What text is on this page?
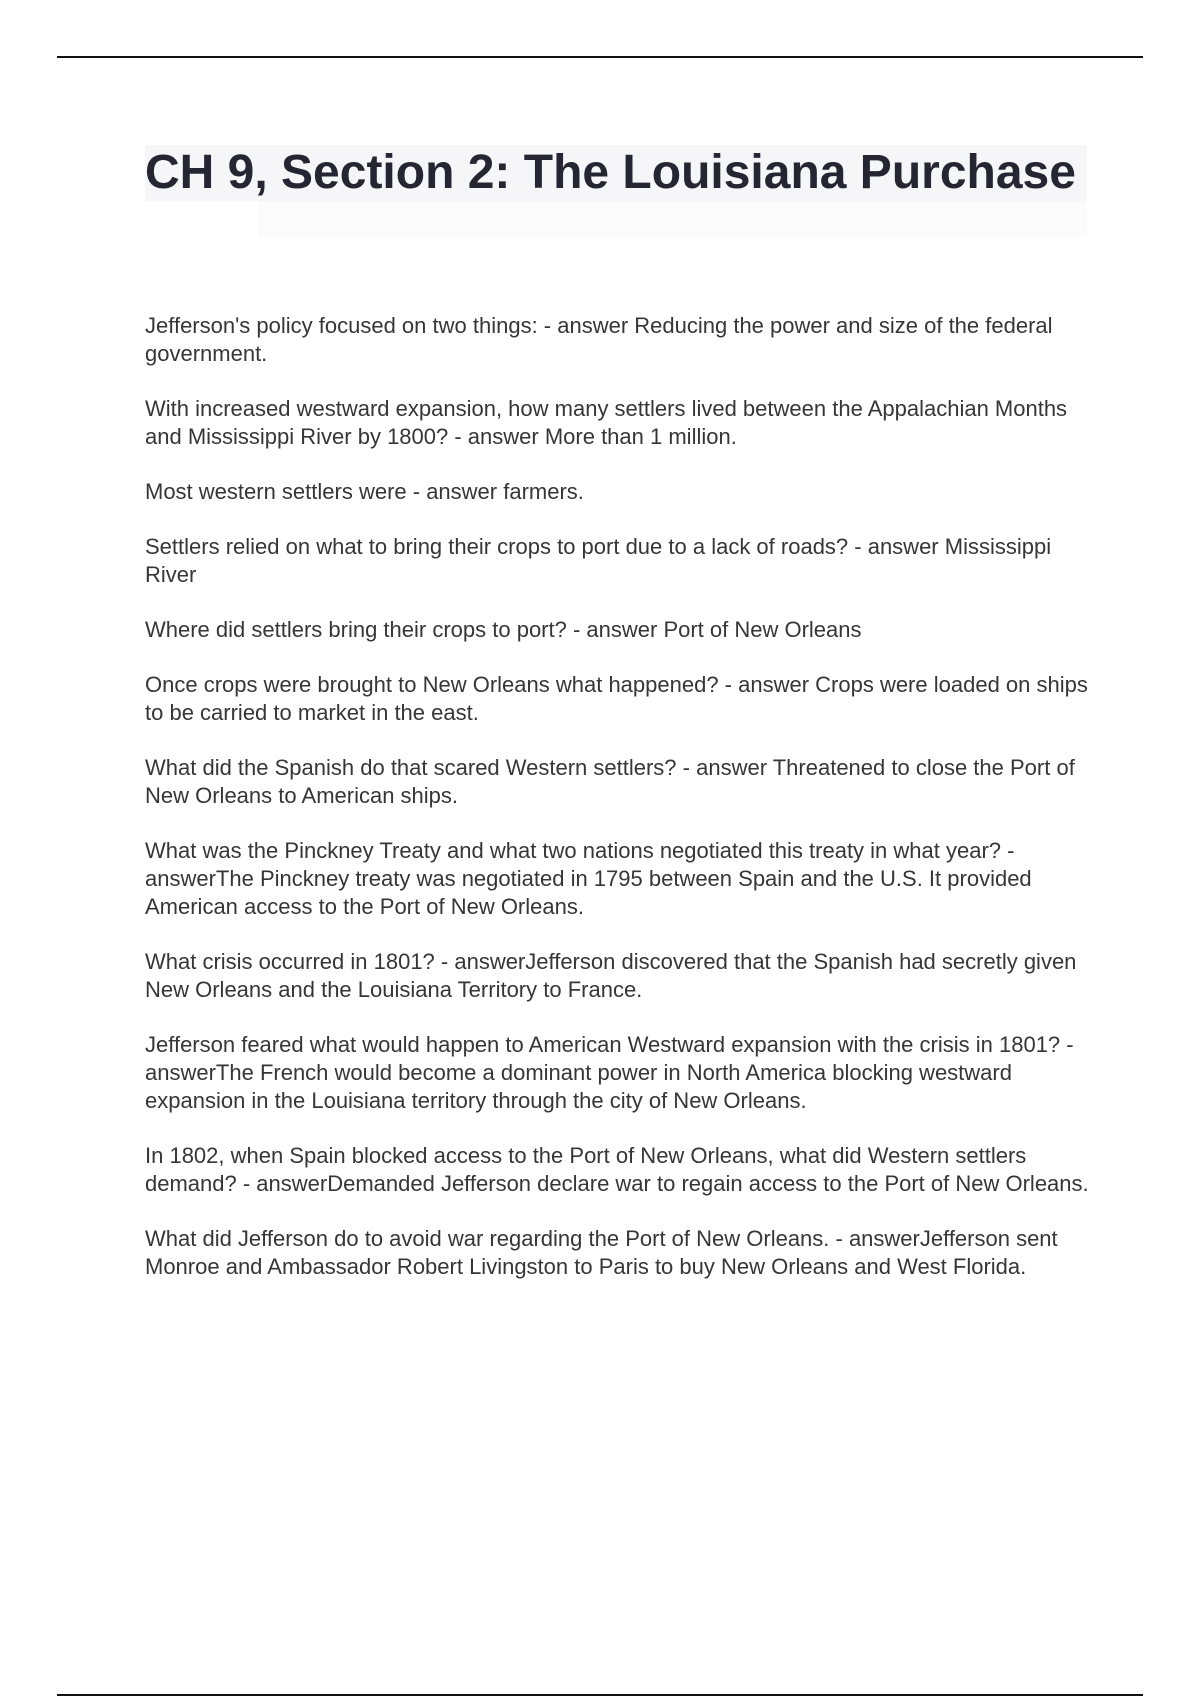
CH 9, Section 2: The Louisiana Purchase

Jefferson's policy focused on two things: - answer Reducing the power and size of the federal government.

With increased westward expansion, how many settlers lived between the Appalachian Months and Mississippi River by 1800? - answer More than 1 million.

Most western settlers were - answer farmers.

Settlers relied on what to bring their crops to port due to a lack of roads? - answer Mississippi River

Where did settlers bring their crops to port? - answer Port of New Orleans

Once crops were brought to New Orleans what happened? - answer Crops were loaded on ships to be carried to market in the east.

What did the Spanish do that scared Western settlers? - answer Threatened to close the Port of New Orleans to American ships.

What was the Pinckney Treaty and what two nations negotiated this treaty in what year? - answerThe Pinckney treaty was negotiated in 1795 between Spain and the U.S. It provided American access to the Port of New Orleans.

What crisis occurred in 1801? - answerJefferson discovered that the Spanish had secretly given New Orleans and the Louisiana Territory to France.

Jefferson feared what would happen to American Westward expansion with the crisis in 1801? - answerThe French would become a dominant power in North America blocking westward expansion in the Louisiana territory through the city of New Orleans.

In 1802, when Spain blocked access to the Port of New Orleans, what did Western settlers demand? - answerDemanded Jefferson declare war to regain access to the Port of New Orleans.

What did Jefferson do to avoid war regarding the Port of New Orleans. - answerJefferson sent Monroe and Ambassador Robert Livingston to Paris to buy New Orleans and West Florida.
